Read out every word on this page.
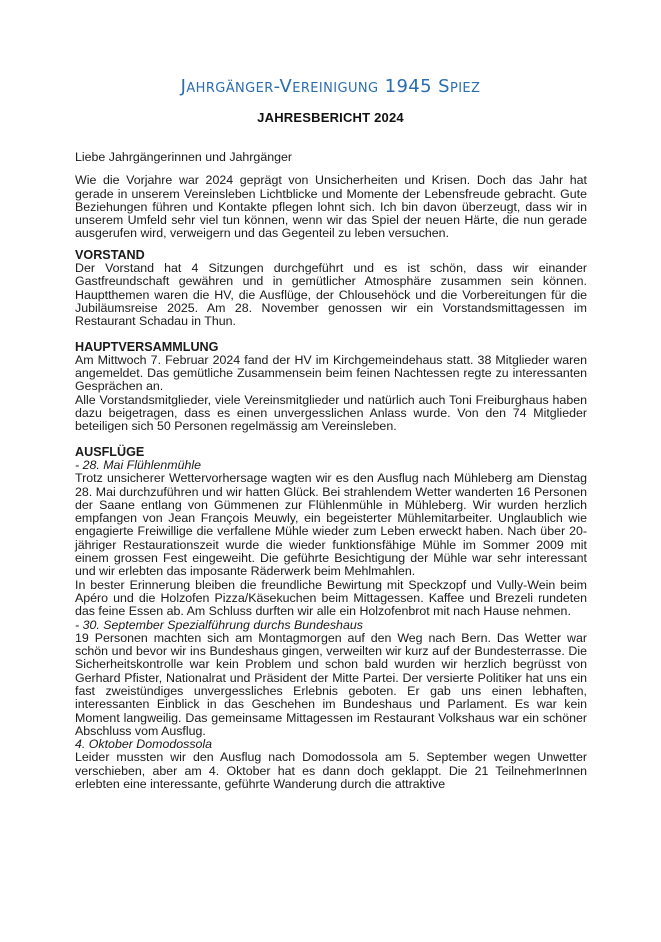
Jahrgänger-Vereinigung 1945 Spiez
JAHRESBERICHT 2024

Liebe Jahrgängerinnen und Jahrgänger

Wie die Vorjahre war 2024 geprägt von Unsicherheiten und Krisen. Doch das Jahr hat gerade in unserem Vereinsleben Lichtblicke und Momente der Lebensfreude gebracht. Gute Beziehungen führen und Kontakte pflegen lohnt sich. Ich bin davon überzeugt, dass wir in unserem Umfeld sehr viel tun können, wenn wir das Spiel der neuen Härte, die nun gerade ausgerufen wird, verweigern und das Gegenteil zu leben versuchen.

VORSTAND

Der Vorstand hat 4 Sitzungen durchgeführt und es ist schön, dass wir einander Gastfreundschaft gewähren und in gemütlicher Atmosphäre zusammen sein können. Hauptthemen waren die HV, die Ausflüge, der Chlousehöck und die Vorbereitungen für die Jubiläumsreise 2025. Am 28. November genossen wir ein Vorstandsmittagessen im Restaurant Schadau in Thun.

HAUPTVERSAMMLUNG

Am Mittwoch 7. Februar 2024 fand der HV im Kirchgemeindehaus statt. 38 Mitglieder waren angemeldet. Das gemütliche Zusammensein beim feinen Nachtessen regte zu interessanten Gesprächen an.

Alle Vorstandsmitglieder, viele Vereinsmitglieder und natürlich auch Toni Freiburghaus haben dazu beigetragen, dass es einen unvergesslichen Anlass wurde. Von den 74 Mitglieder beteiligen sich 50 Personen regelmässig am Vereinsleben.

AUSFLÜGE

- 28. Mai Flühlenmühle

Trotz unsicherer Wettervorhersage wagten wir es den Ausflug nach Mühleberg am Dienstag 28. Mai durchzuführen und wir hatten Glück. Bei strahlendem Wetter wanderten 16 Personen der Saane entlang von Gümmenen zur Flühlenmühle in Mühleberg. Wir wurden herzlich empfangen von Jean François Meuwly, ein begeisterter Mühlemitarbeiter. Unglaublich wie engagierte Freiwillige die verfallene Mühle wieder zum Leben erweckt haben. Nach über 20-jähriger Restaurationszeit wurde die wieder funktionsfähige Mühle im Sommer 2009 mit einem grossen Fest eingeweiht. Die geführte Besichtigung der Mühle war sehr interessant und wir erlebten das imposante Räderwerk beim Mehlmahlen.

In bester Erinnerung bleiben die freundliche Bewirtung mit Speckzopf und Vully-Wein beim Apéro und die Holzofen Pizza/Käsekuchen beim Mittagessen. Kaffee und Brezeli rundeten das feine Essen ab. Am Schluss durften wir alle ein Holzofenbrot mit nach Hause nehmen.

- 30. September Spezialführung durchs Bundeshaus

19 Personen machten sich am Montagmorgen auf den Weg nach Bern. Das Wetter war schön und bevor wir ins Bundeshaus gingen, verweilten wir kurz auf der Bundesterrasse. Die Sicherheitskontrolle war kein Problem und schon bald wurden wir herzlich begrüsst von Gerhard Pfister, Nationalrat und Präsident der Mitte Partei. Der versierte Politiker hat uns ein fast zweistündiges unvergessliches Erlebnis geboten. Er gab uns einen lebhaften, interessanten Einblick in das Geschehen im Bundeshaus und Parlament. Es war kein Moment langweilig. Das gemeinsame Mittagessen im Restaurant Volkshaus war ein schöner Abschluss vom Ausflug.

4. Oktober Domodossola

Leider mussten wir den Ausflug nach Domodossola am 5. September wegen Unwetter verschieben, aber am 4. Oktober hat es dann doch geklappt. Die 21 TeilnehmerInnen erlebten eine interessante, geführte Wanderung durch die attraktive
